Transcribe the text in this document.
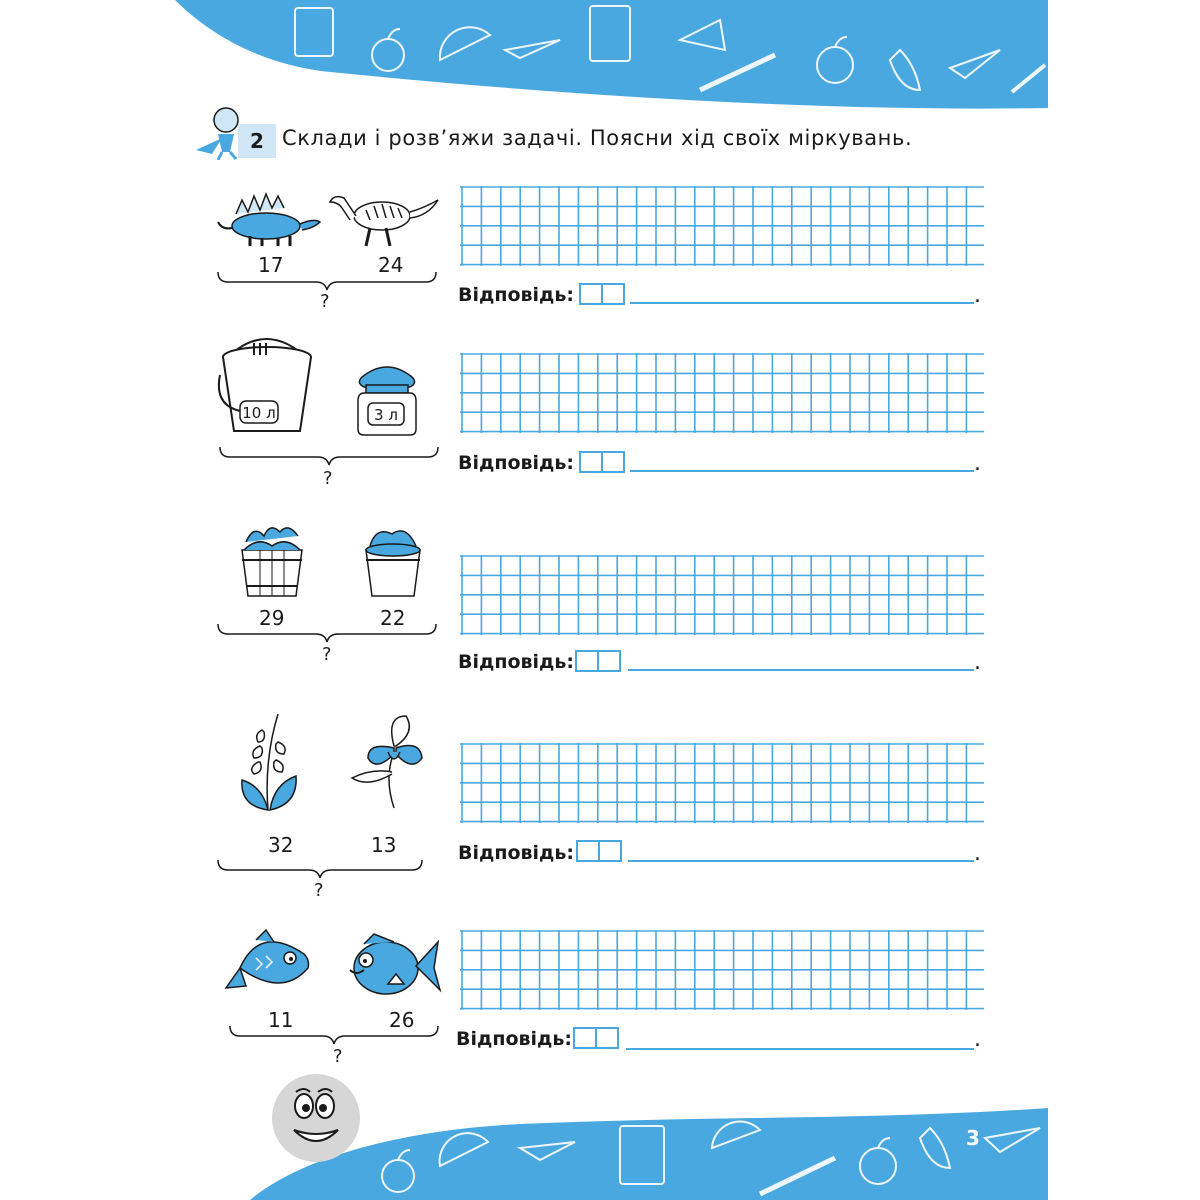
2 Склади і розв’яжи задачі. Поясни хід своїх міркувань.
17	24
?
10 л	3 л
?
29	22
?
32	13
?
11	26
?
Відповідь:	.
Відповідь:	.
Відповідь:	.
Відповідь:	.
Відповідь:	.
3
